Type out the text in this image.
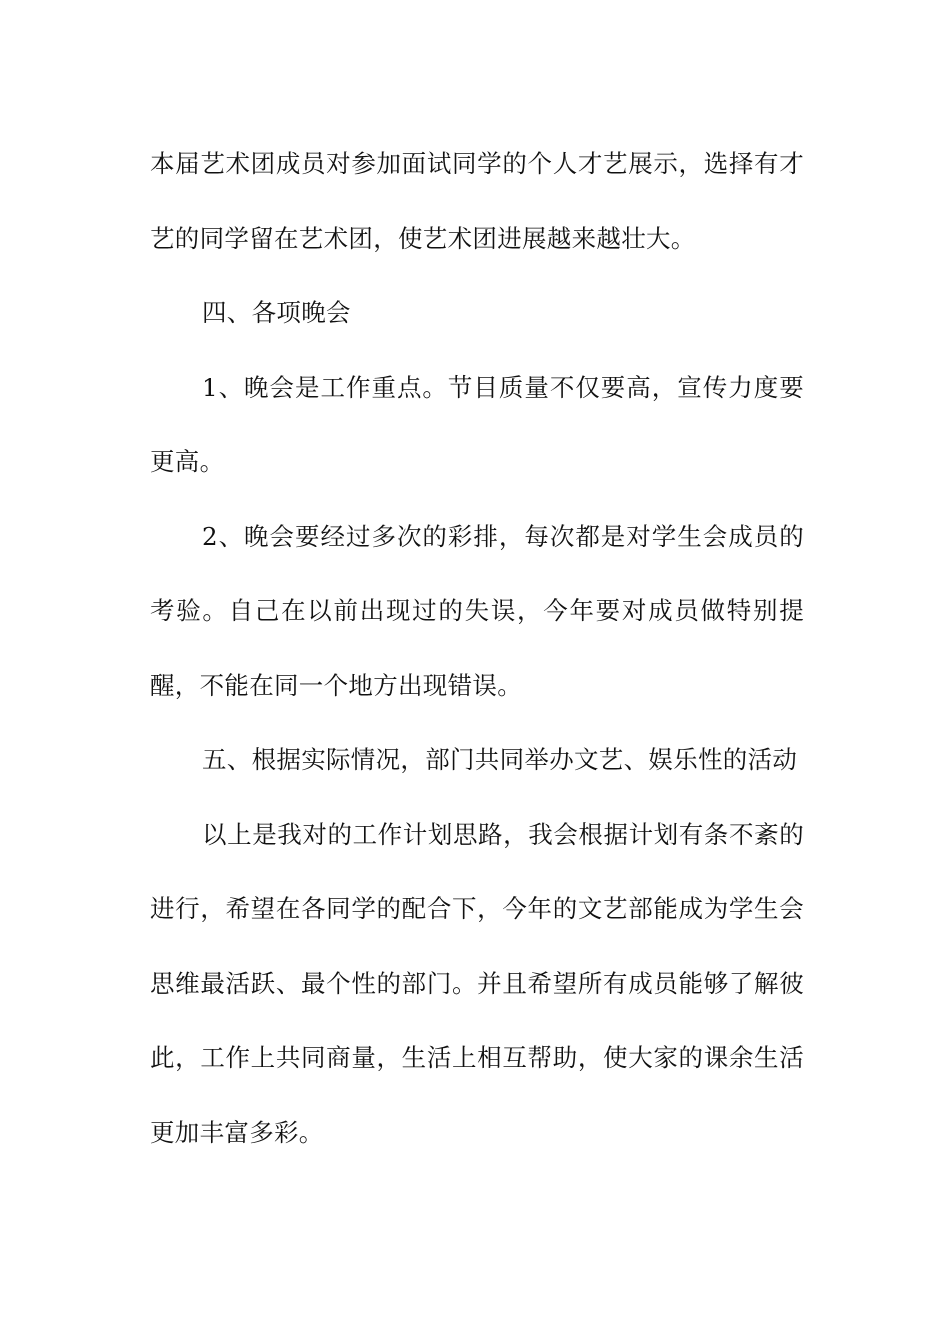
本届艺术团成员对参加面试同学的个人才艺展示，选择有才艺的同学留在艺术团，使艺术团进展越来越壮大。

四、各项晚会

1、晚会是工作重点。节目质量不仅要高，宣传力度要更高。

2、晚会要经过多次的彩排，每次都是对学生会成员的考验。自己在以前出现过的失误，今年要对成员做特别提醒，不能在同一个地方出现错误。

五、根据实际情况，部门共同举办文艺、娱乐性的活动

以上是我对的工作计划思路，我会根据计划有条不紊的进行，希望在各同学的配合下，今年的文艺部能成为学生会思维最活跃、最个性的部门。并且希望所有成员能够了解彼此，工作上共同商量，生活上相互帮助，使大家的课余生活更加丰富多彩。
